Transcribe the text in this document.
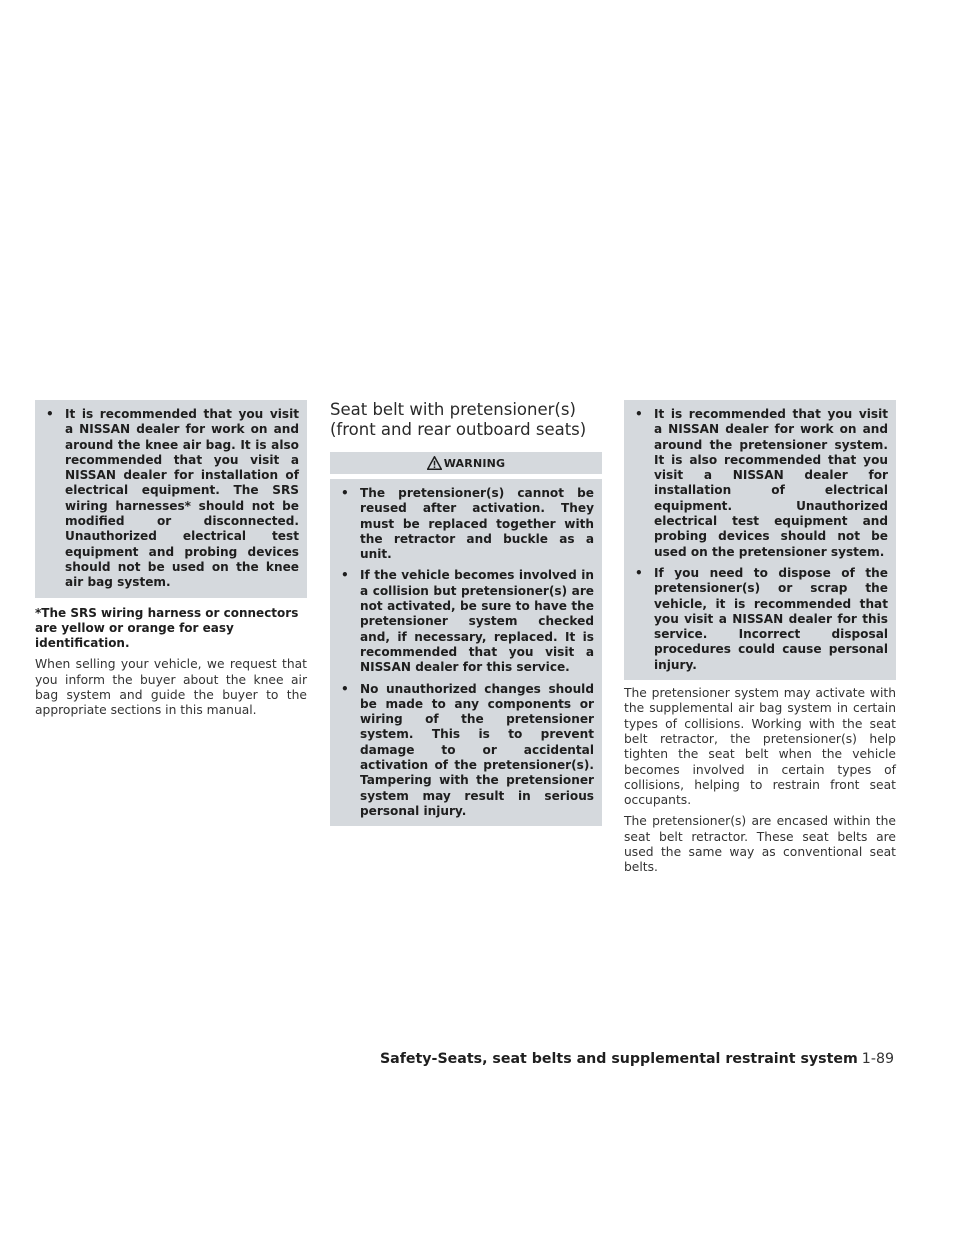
• It is recommended that you visit a NISSAN dealer for work on and around the knee air bag. It is also recommended that you visit a NISSAN dealer for installation of electrical equipment. The SRS wiring harnesses* should not be modified or disconnected. Unauthorized electrical test equipment and probing devices should not be used on the knee air bag system.

*The SRS wiring harness or connectors are yellow or orange for easy identification.

When selling your vehicle, we request that you inform the buyer about the knee air bag system and guide the buyer to the appropriate sections in this manual.

Seat belt with pretensioner(s)
(front and rear outboard seats)
WARNING

• The pretensioner(s) cannot be reused after activation. They must be replaced together with the retractor and buckle as a unit.

• If the vehicle becomes involved in a collision but pretensioner(s) are not activated, be sure to have the pretensioner system checked and, if necessary, replaced. It is recommended that you visit a NISSAN dealer for this service.

• No unauthorized changes should be made to any components or wiring of the pretensioner system. This is to prevent damage to or accidental activation of the pretensioner(s). Tampering with the pretensioner system may result in serious personal injury.

• It is recommended that you visit a NISSAN dealer for work on and around the pretensioner system. It is also recommended that you visit a NISSAN dealer for installation of electrical equipment. Unauthorized electrical test equipment and probing devices should not be used on the pretensioner system.

• If you need to dispose of the pretensioner(s) or scrap the vehicle, it is recommended that you visit a NISSAN dealer for this service. Incorrect disposal procedures could cause personal injury.

The pretensioner system may activate with the supplemental air bag system in certain types of collisions. Working with the seat belt retractor, the pretensioner(s) help tighten the seat belt when the vehicle becomes involved in certain types of collisions, helping to restrain front seat occupants.

The pretensioner(s) are encased within the seat belt retractor. These seat belts are used the same way as conventional seat belts.

Safety-Seats, seat belts and supplemental restraint system 1-89
